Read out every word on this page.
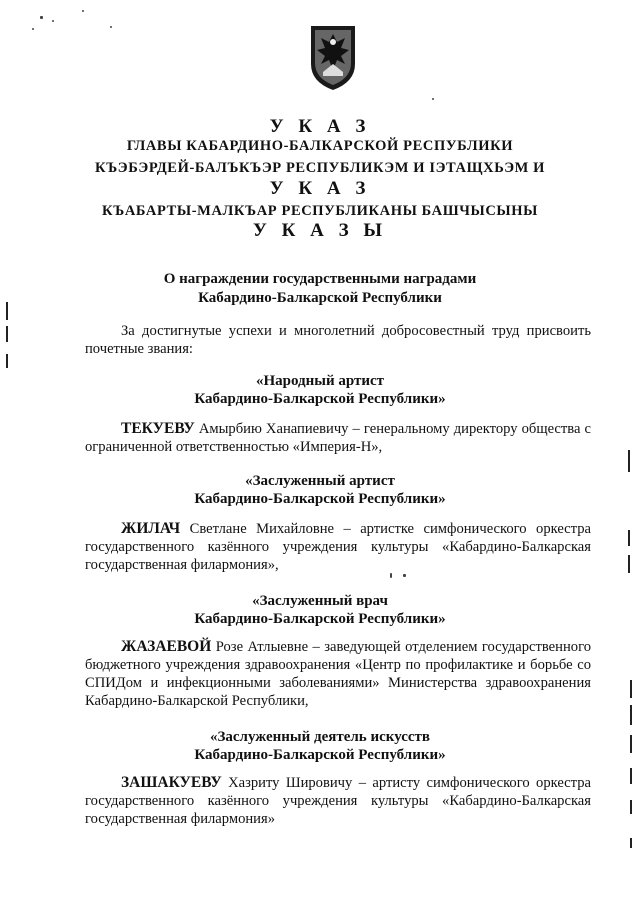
У К А З
ГЛАВЫ КАБАРДИНО-БАЛКАРСКОЙ РЕСПУБЛИКИ
КЪЭБЭРДЕЙ-БАЛЪКЪЭР РЕСПУБЛИКЭМ И IЭТАЩХЬЭМ И
У К А З
КЪАБАРТЫ-МАЛКЪАР РЕСПУБЛИКАНЫ БАШЧЫСЫНЫ
У К А З Ы
О награждении государственными наградами
Кабардино-Балкарской Республики
За достигнутые успехи и многолетний добросовестный труд присвоить почетные звания:
«Народный артист
Кабардино-Балкарской Республики»
ТЕКУЕВУ Амырбию Ханапиевичу – генеральному директору общества с ограниченной ответственностью «Империя-Н»,
«Заслуженный артист
Кабардино-Балкарской Республики»
ЖИЛАЧ Светлане Михайловне – артистке симфонического оркестра государственного казённого учреждения культуры «Кабардино-Балкарская государственная филармония»,
«Заслуженный врач
Кабардино-Балкарской Республики»
ЖАЗАЕВОЙ Розе Атлыевне – заведующей отделением государственного бюджетного учреждения здравоохранения «Центр по профилактике и борьбе со СПИДом и инфекционными заболеваниями» Министерства здравоохранения Кабардино-Балкарской Республики,
«Заслуженный деятель искусств
Кабардино-Балкарской Республики»
ЗАШАКУЕВУ Хазриту Шировичу – артисту симфонического оркестра государственного казённого учреждения культуры «Кабардино-Балкарская государственная филармония»
